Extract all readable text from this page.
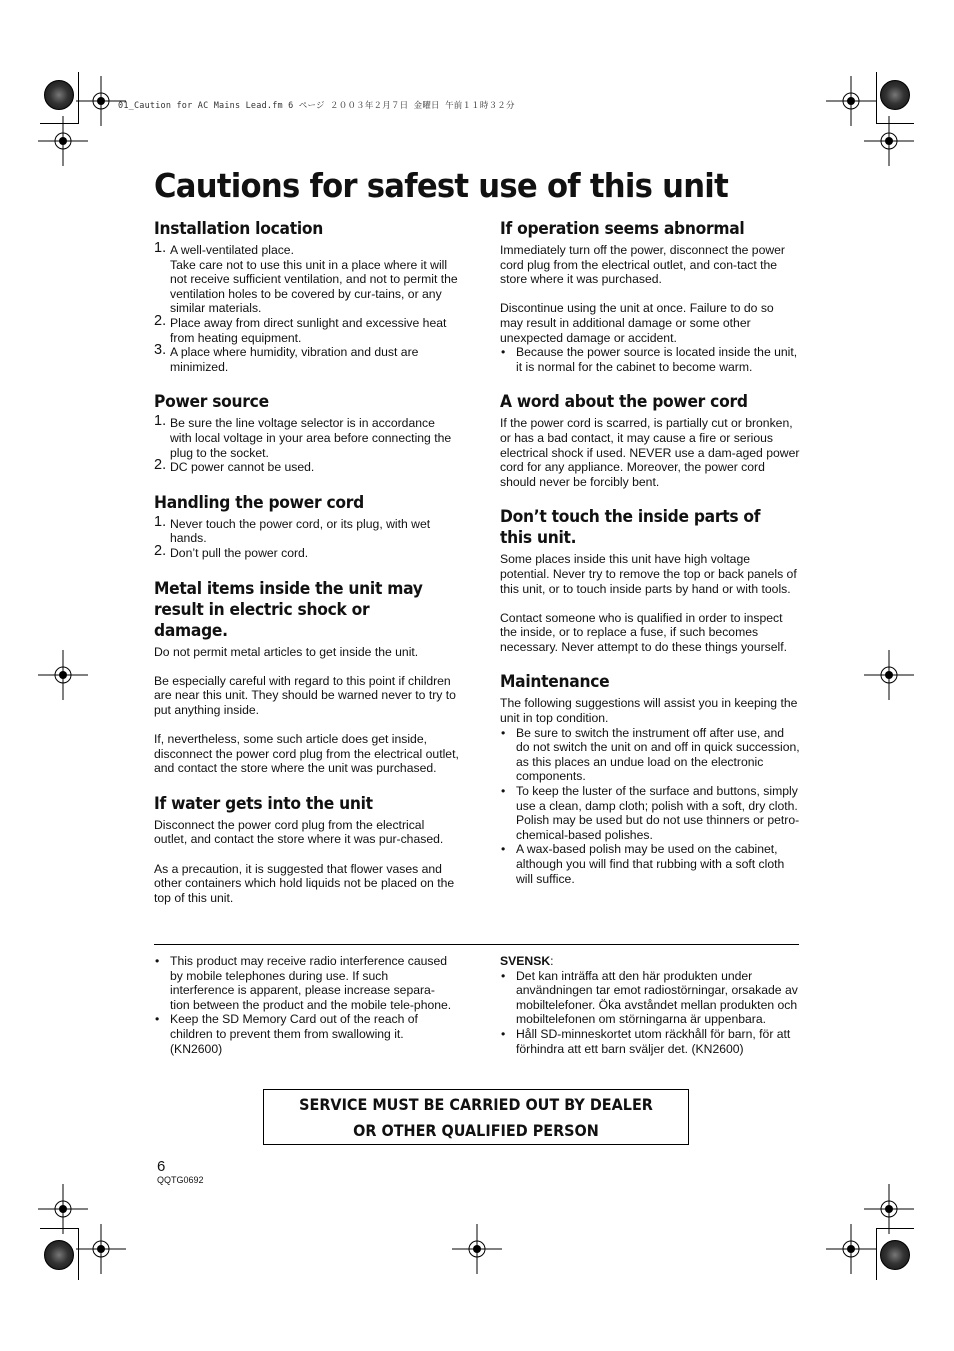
01_Caution for AC Mains Lead.fm 6 ページ ２００３年２月７日 金曜日 午前１１時３２分
Cautions for safest use of this unit
Installation location
1. A well-ventilated place.
Take care not to use this unit in a place where it will not receive sufficient ventilation, and not to permit the ventilation holes to be covered by cur-tains, or any similar materials.
2. Place away from direct sunlight and excessive heat from heating equipment.
3. A place where humidity, vibration and dust are minimized.
Power source
1. Be sure the line voltage selector is in accordance with local voltage in your area before connecting the plug to the socket.
2. DC power cannot be used.
Handling the power cord
1. Never touch the power cord, or its plug, with wet hands.
2. Don’t pull the power cord.
Metal items inside the unit may result in electric shock or damage.

Do not permit metal articles to get inside the unit.

Be especially careful with regard to this point if children are near this unit. They should be warned never to try to put anything inside.

If, nevertheless, some such article does get inside, disconnect the power cord plug from the electrical outlet, and contact the store where the unit was purchased.

If water gets into the unit

Disconnect the power cord plug from the electrical outlet, and contact the store where it was pur-chased.

As a precaution, it is suggested that flower vases and other containers which hold liquids not be placed on the top of this unit.

If operation seems abnormal

Immediately turn off the power, disconnect the power cord plug from the electrical outlet, and con-tact the store where it was purchased.

Discontinue using the unit at once. Failure to do so may result in additional damage or some other unexpected damage or accident.

• Because the power source is located inside the unit, it is normal for the cabinet to become warm.
A word about the power cord

If the power cord is scarred, is partially cut or bronken, or has a bad contact, it may cause a fire or serious electrical shock if used. NEVER use a dam-aged power cord for any appliance. Moreover, the power cord should never be forcibly bent.

Don’t touch the inside parts of this unit.

Some places inside this unit have high voltage potential. Never try to remove the top or back panels of this unit, or to touch inside parts by hand or with tools.

Contact someone who is qualified in order to inspect the inside, or to replace a fuse, if such becomes necessary. Never attempt to do these things yourself.

Maintenance

The following suggestions will assist you in keeping the unit in top condition.

• Be sure to switch the instrument off after use, and do not switch the unit on and off in quick succession, as this places an undue load on the electronic components.
• To keep the luster of the surface and buttons, simply use a clean, damp cloth; polish with a soft, dry cloth. Polish may be used but do not use thinners or petro-chemical-based polishes.
• A wax-based polish may be used on the cabinet, although you will find that rubbing with a soft cloth will suffice.
• This product may receive radio interference caused by mobile telephones during use. If such interference is apparent, please increase separa-tion between the product and the mobile tele-phone.
• Keep the SD Memory Card out of the reach of children to prevent them from swallowing it. (KN2600)
SVENSK:
• Det kan inträffa att den här produkten under användningen tar emot radiostörningar, orsakade av mobiltelefoner. Öka avståndet mellan produkten och mobiltelefonen om störningarna är uppenbara.
• Håll SD-minneskortet utom räckhåll för barn, för att förhindra att ett barn sväljer det. (KN2600)
SERVICE MUST BE CARRIED OUT BY DEALER
OR OTHER QUALIFIED PERSON
6
QQTG0692
